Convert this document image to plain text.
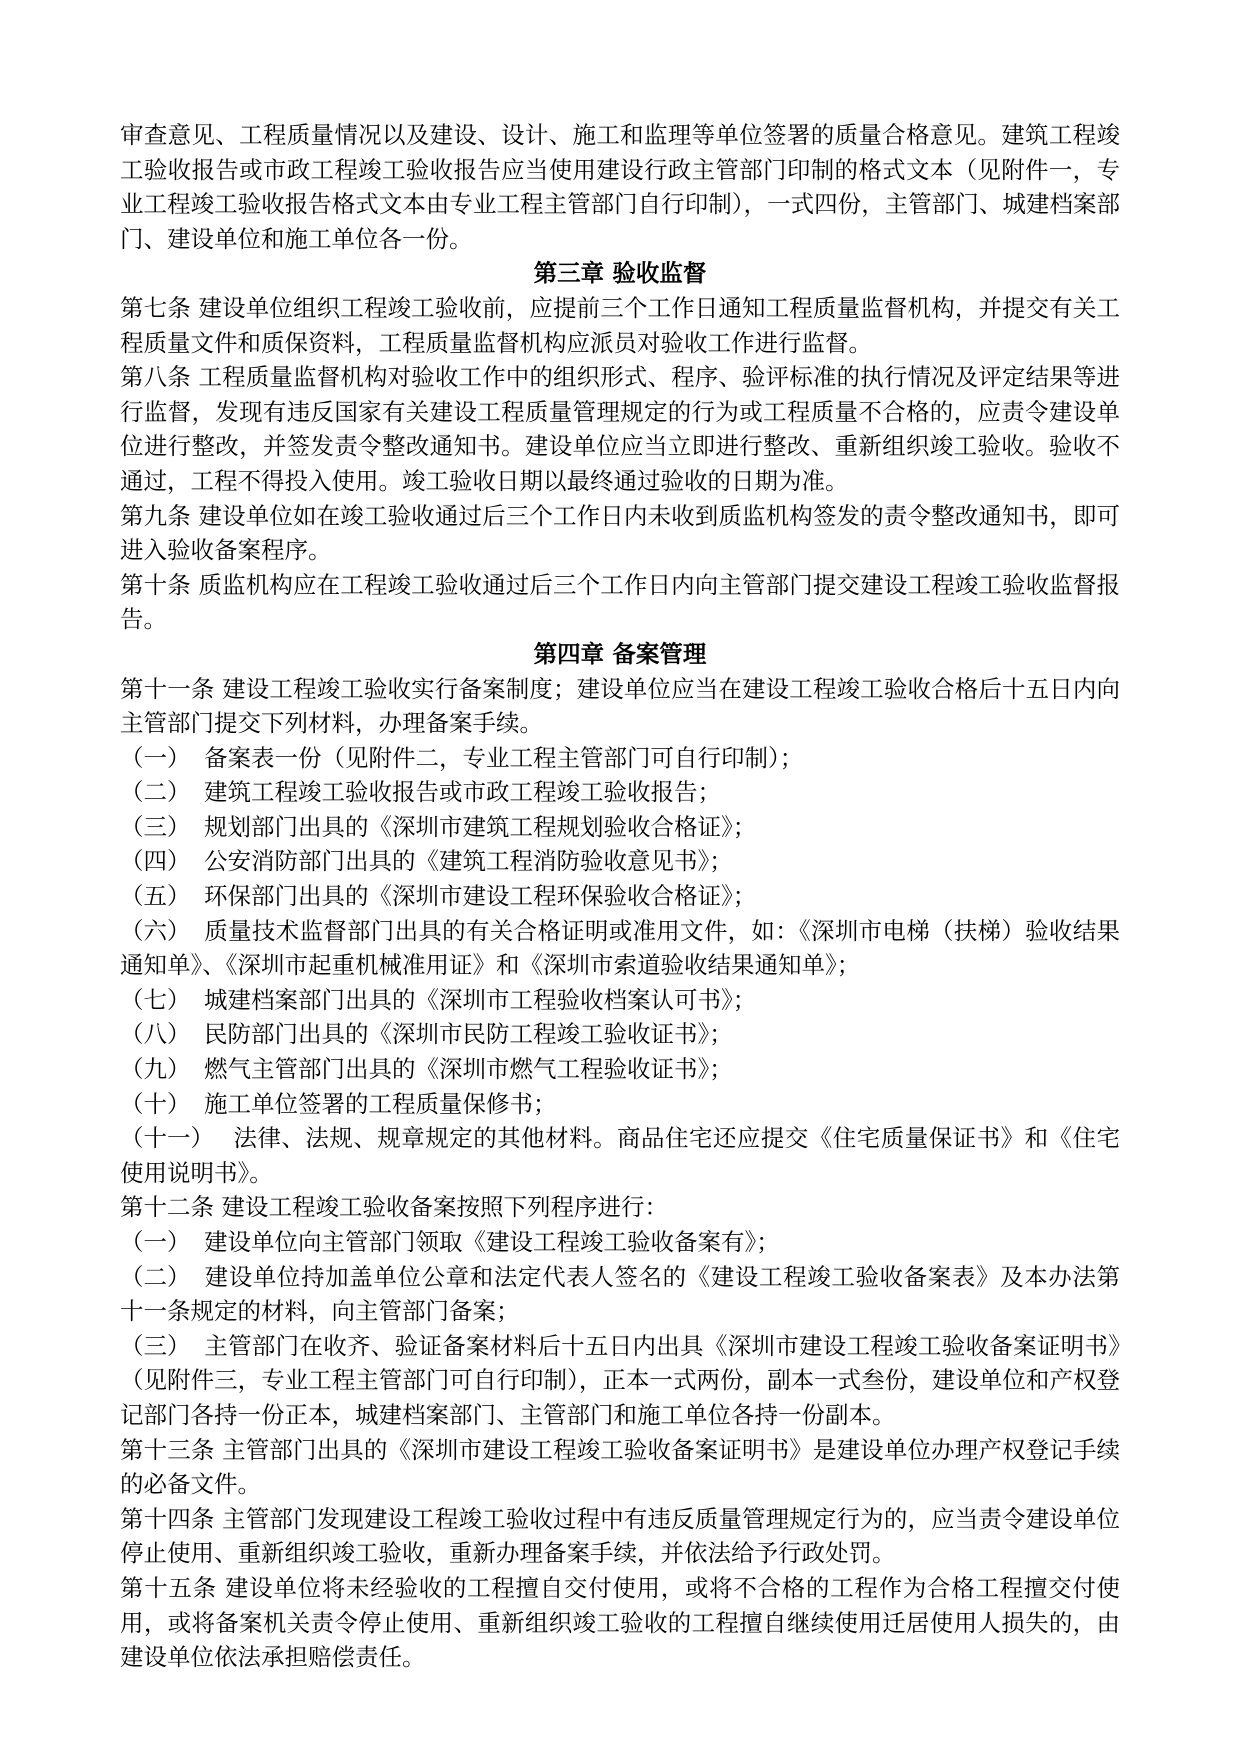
审查意见、工程质量情况以及建设、设计、施工和监理等单位签署的质量合格意见。建筑工程竣工验收报告或市政工程竣工验收报告应当使用建设行政主管部门印制的格式文本（见附件一，专业工程竣工验收报告格式文本由专业工程主管部门自行印制），一式四份，主管部门、城建档案部门、建设单位和施工单位各一份。

第三章 验收监督

第七条 建设单位组织工程竣工验收前，应提前三个工作日通知工程质量监督机构，并提交有关工程质量文件和质保资料，工程质量监督机构应派员对验收工作进行监督。

第八条 工程质量监督机构对验收工作中的组织形式、程序、验评标准的执行情况及评定结果等进行监督，发现有违反国家有关建设工程质量管理规定的行为或工程质量不合格的，应责令建设单位进行整改，并签发责令整改通知书。建设单位应当立即进行整改、重新组织竣工验收。验收不通过，工程不得投入使用。竣工验收日期以最终通过验收的日期为准。

第九条 建设单位如在竣工验收通过后三个工作日内未收到质监机构签发的责令整改通知书，即可进入验收备案程序。

第十条 质监机构应在工程竣工验收通过后三个工作日内向主管部门提交建设工程竣工验收监督报告。

第四章 备案管理

第十一条 建设工程竣工验收实行备案制度；建设单位应当在建设工程竣工验收合格后十五日内向主管部门提交下列材料，办理备案手续。

（一） 备案表一份（见附件二，专业工程主管部门可自行印制）；

（二） 建筑工程竣工验收报告或市政工程竣工验收报告；

（三） 规划部门出具的《深圳市建筑工程规划验收合格证》；

（四） 公安消防部门出具的《建筑工程消防验收意见书》；

（五） 环保部门出具的《深圳市建设工程环保验收合格证》；

（六） 质量技术监督部门出具的有关合格证明或准用文件，如：《深圳市电梯（扶梯）验收结果通知单》、《深圳市起重机械准用证》和《深圳市索道验收结果通知单》；

（七） 城建档案部门出具的《深圳市工程验收档案认可书》；

（八） 民防部门出具的《深圳市民防工程竣工验收证书》；

（九） 燃气主管部门出具的《深圳市燃气工程验收证书》；

（十） 施工单位签署的工程质量保修书；

（十一） 法律、法规、规章规定的其他材料。商品住宅还应提交《住宅质量保证书》和《住宅使用说明书》。

第十二条 建设工程竣工验收备案按照下列程序进行：

（一） 建设单位向主管部门领取《建设工程竣工验收备案有》；

（二） 建设单位持加盖单位公章和法定代表人签名的《建设工程竣工验收备案表》及本办法第十一条规定的材料，向主管部门备案；

（三） 主管部门在收齐、验证备案材料后十五日内出具《深圳市建设工程竣工验收备案证明书》（见附件三，专业工程主管部门可自行印制），正本一式两份，副本一式叁份，建设单位和产权登记部门各持一份正本，城建档案部门、主管部门和施工单位各持一份副本。

第十三条 主管部门出具的《深圳市建设工程竣工验收备案证明书》是建设单位办理产权登记手续的必备文件。

第十四条 主管部门发现建设工程竣工验收过程中有违反质量管理规定行为的，应当责令建设单位停止使用、重新组织竣工验收，重新办理备案手续，并依法给予行政处罚。

第十五条 建设单位将未经验收的工程擅自交付使用，或将不合格的工程作为合格工程擅交付使用，或将备案机关责令停止使用、重新组织竣工验收的工程擅自继续使用迁居使用人损失的，由建设单位依法承担赔偿责任。
